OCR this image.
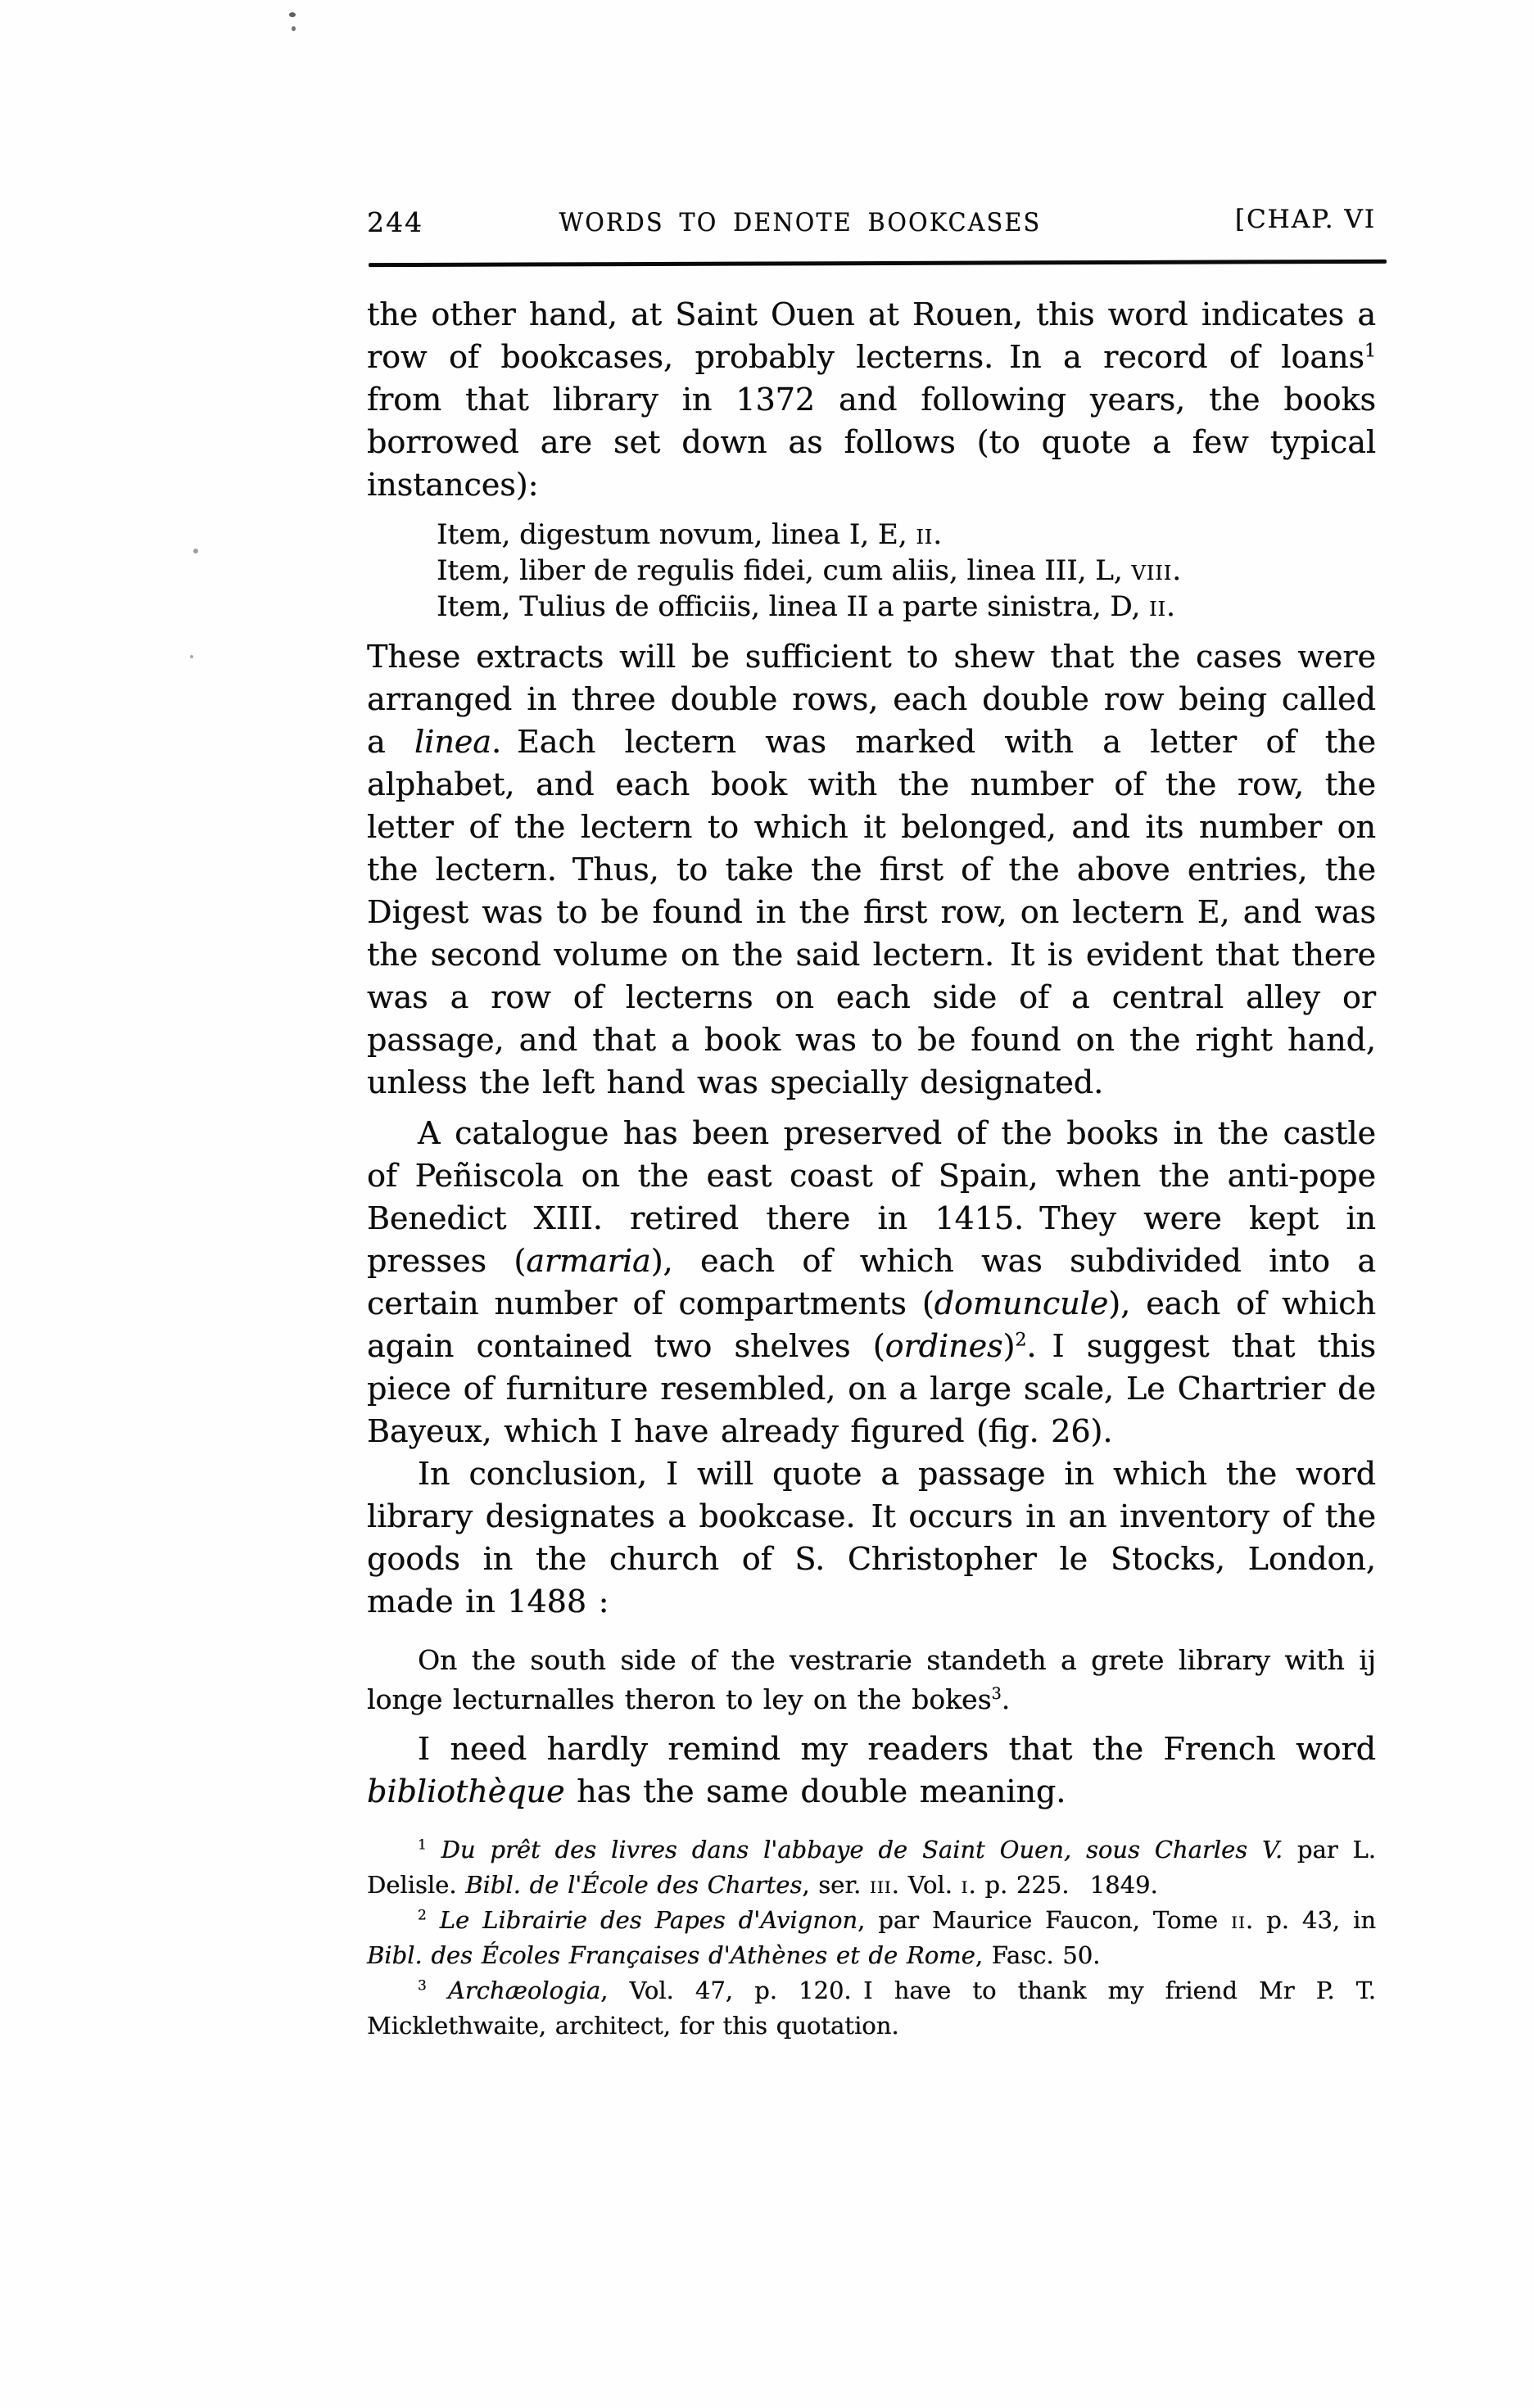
244	WORDS TO DENOTE BOOKCASES	[CHAP. VI

the other hand, at Saint Ouen at Rouen, this word indicates a row of bookcases, probably lecterns. In a record of loans$^1$ from that library in 1372 and following years, the books borrowed are set down as follows (to quote a few typical instances):

Item, digestum novum, linea I, E, ii.
Item, liber de regulis fidei, cum aliis, linea III, L, viii.
Item, Tulius de officiis, linea II a parte sinistra, D, ii.

These extracts will be sufficient to shew that the cases were arranged in three double rows, each double row being called a linea. Each lectern was marked with a letter of the alphabet, and each book with the number of the row, the letter of the lectern to which it belonged, and its number on the lectern. Thus, to take the first of the above entries, the Digest was to be found in the first row, on lectern E, and was the second volume on the said lectern. It is evident that there was a row of lecterns on each side of a central alley or passage, and that a book was to be found on the right hand, unless the left hand was specially designated.

A catalogue has been preserved of the books in the castle of Peñiscola on the east coast of Spain, when the anti-pope Benedict XIII. retired there in 1415. They were kept in presses (armaria), each of which was subdivided into a certain number of compartments (domuncule), each of which again contained two shelves (ordines)$^2$. I suggest that this piece of furniture resembled, on a large scale, Le Chartrier de Bayeux, which I have already figured (fig. 26).

In conclusion, I will quote a passage in which the word library designates a bookcase. It occurs in an inventory of the goods in the church of S. Christopher le Stocks, London, made in 1488 :

On the south side of the vestrarie standeth a grete library with ij longe lecturnalles theron to ley on the bokes$^3$.

I need hardly remind my readers that the French word bibliothèque has the same double meaning.

$^1$ Du prêt des livres dans l'abbaye de Saint Ouen, sous Charles V. par L. Delisle. Bibl. de l'École des Chartes, ser. iii. Vol. i. p. 225.  1849.

$^2$ Le Librairie des Papes d'Avignon, par Maurice Faucon, Tome ii. p. 43, in Bibl. des Écoles Françaises d'Athènes et de Rome, Fasc. 50.

$^3$ Archæologia, Vol. 47, p. 120. I have to thank my friend Mr P. T. Micklethwaite, architect, for this quotation.
